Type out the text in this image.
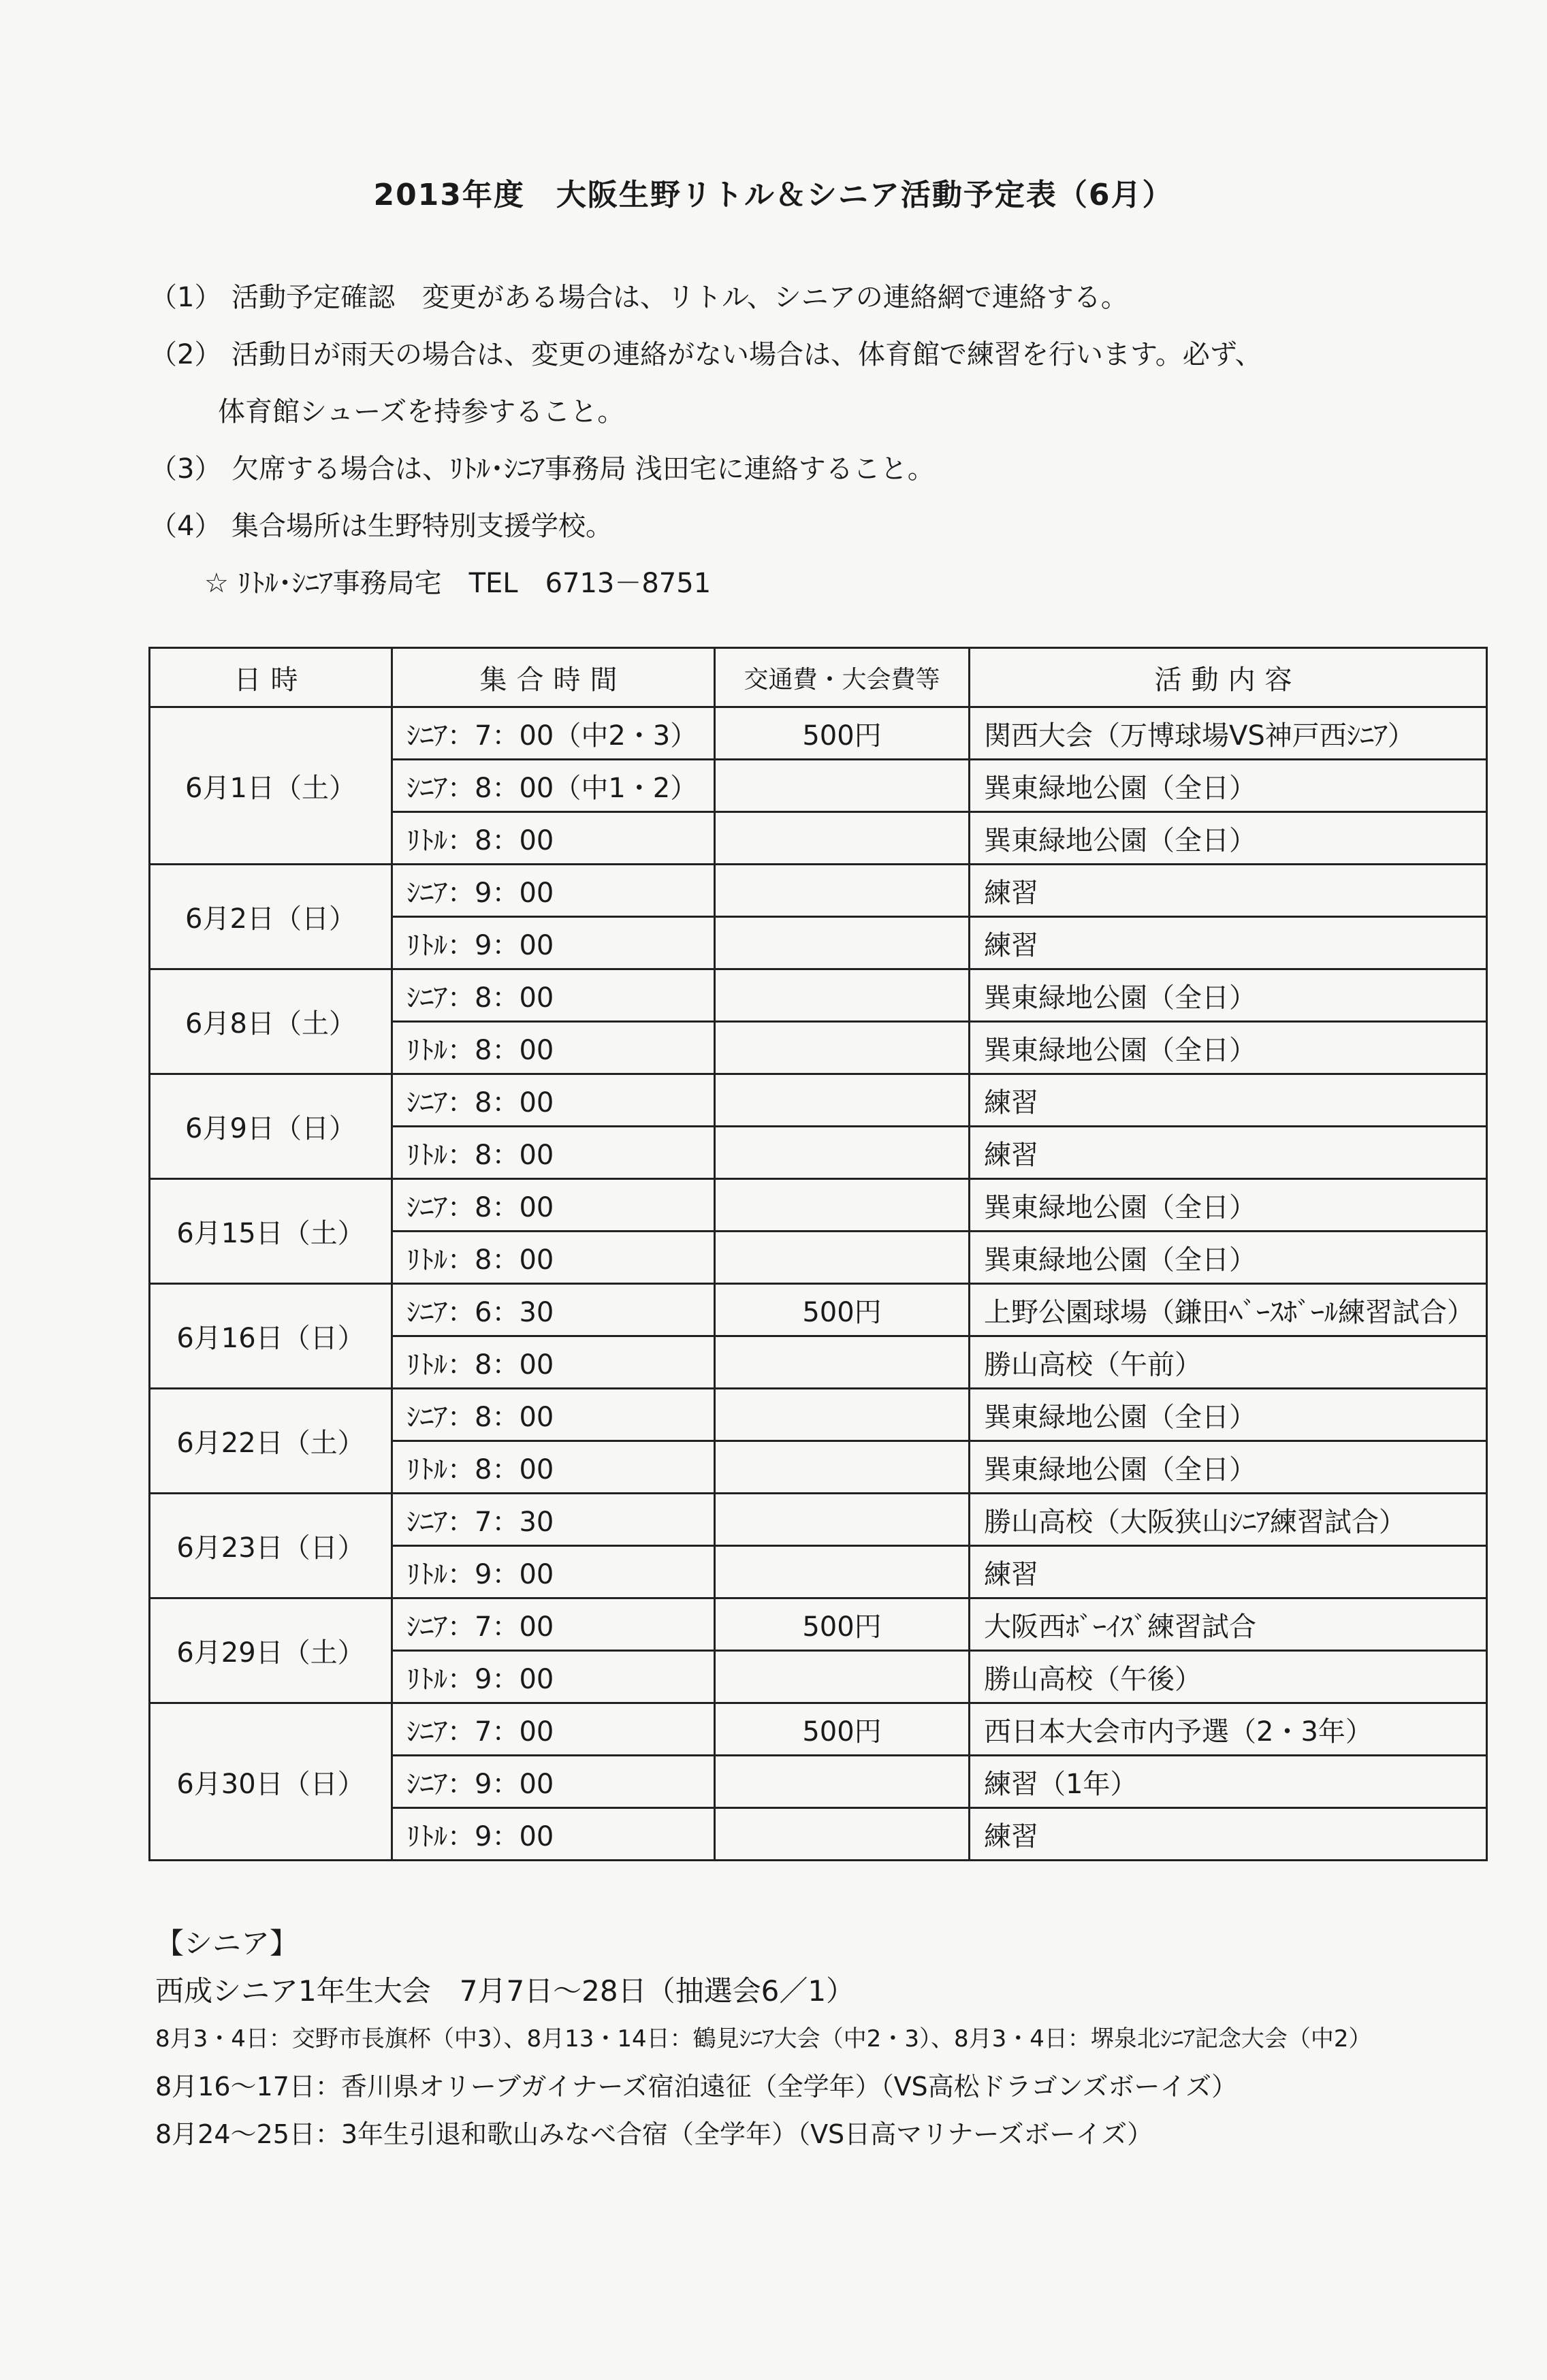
2013年度　大阪生野リトル＆シニア活動予定表（6月）
（1） 活動予定確認　変更がある場合は、リトル、シニアの連絡網で連絡する。
（2） 活動日が雨天の場合は、変更の連絡がない場合は、体育館で練習を行います。必ず、
体育館シューズを持参すること。
（3） 欠席する場合は、ﾘﾄﾙ･ｼﾆｱ事務局 浅田宅に連絡すること。
（4） 集合場所は生野特別支援学校。
☆ ﾘﾄﾙ･ｼﾆｱ事務局宅　TEL　6713－8751
日時	集合時間	交通費・大会費等	活動内容
6月1日（土）	ｼﾆｱ：7：00（中2・3）	500円	関西大会（万博球場VS神戸西ｼﾆｱ）
	ｼﾆｱ：8：00（中1・2）		巽東緑地公園（全日）
	ﾘﾄﾙ：8：00		巽東緑地公園（全日）
6月2日（日）	ｼﾆｱ：9：00		練習
	ﾘﾄﾙ：9：00		練習
6月8日（土）	ｼﾆｱ：8：00		巽東緑地公園（全日）
	ﾘﾄﾙ：8：00		巽東緑地公園（全日）
6月9日（日）	ｼﾆｱ：8：00		練習
	ﾘﾄﾙ：8：00		練習
6月15日（土）	ｼﾆｱ：8：00		巽東緑地公園（全日）
	ﾘﾄﾙ：8：00		巽東緑地公園（全日）
6月16日（日）	ｼﾆｱ：6：30	500円	上野公園球場（鎌田ﾍﾞｰｽﾎﾞｰﾙ練習試合）
	ﾘﾄﾙ：8：00		勝山高校（午前）
6月22日（土）	ｼﾆｱ：8：00		巽東緑地公園（全日）
	ﾘﾄﾙ：8：00		巽東緑地公園（全日）
6月23日（日）	ｼﾆｱ：7：30		勝山高校（大阪狭山ｼﾆｱ練習試合）
	ﾘﾄﾙ：9：00		練習
6月29日（土）	ｼﾆｱ：7：00	500円	大阪西ﾎﾞｰｲｽﾞ練習試合
	ﾘﾄﾙ：9：00		勝山高校（午後）
6月30日（日）	ｼﾆｱ：7：00	500円	西日本大会市内予選（2・3年）
	ｼﾆｱ：9：00		練習（1年）
	ﾘﾄﾙ：9：00		練習
【シニア】
西成シニア1年生大会　7月7日～28日（抽選会6／1）
8月3・4日：交野市長旗杯（中3）、8月13・14日：鶴見ｼﾆｱ大会（中2・3）、8月3・4日：堺泉北ｼﾆｱ記念大会（中2）
8月16～17日：香川県オリーブガイナーズ宿泊遠征（全学年）（VS高松ドラゴンズボーイズ）
8月24～25日：3年生引退和歌山みなべ合宿（全学年）（VS日高マリナーズボーイズ）
